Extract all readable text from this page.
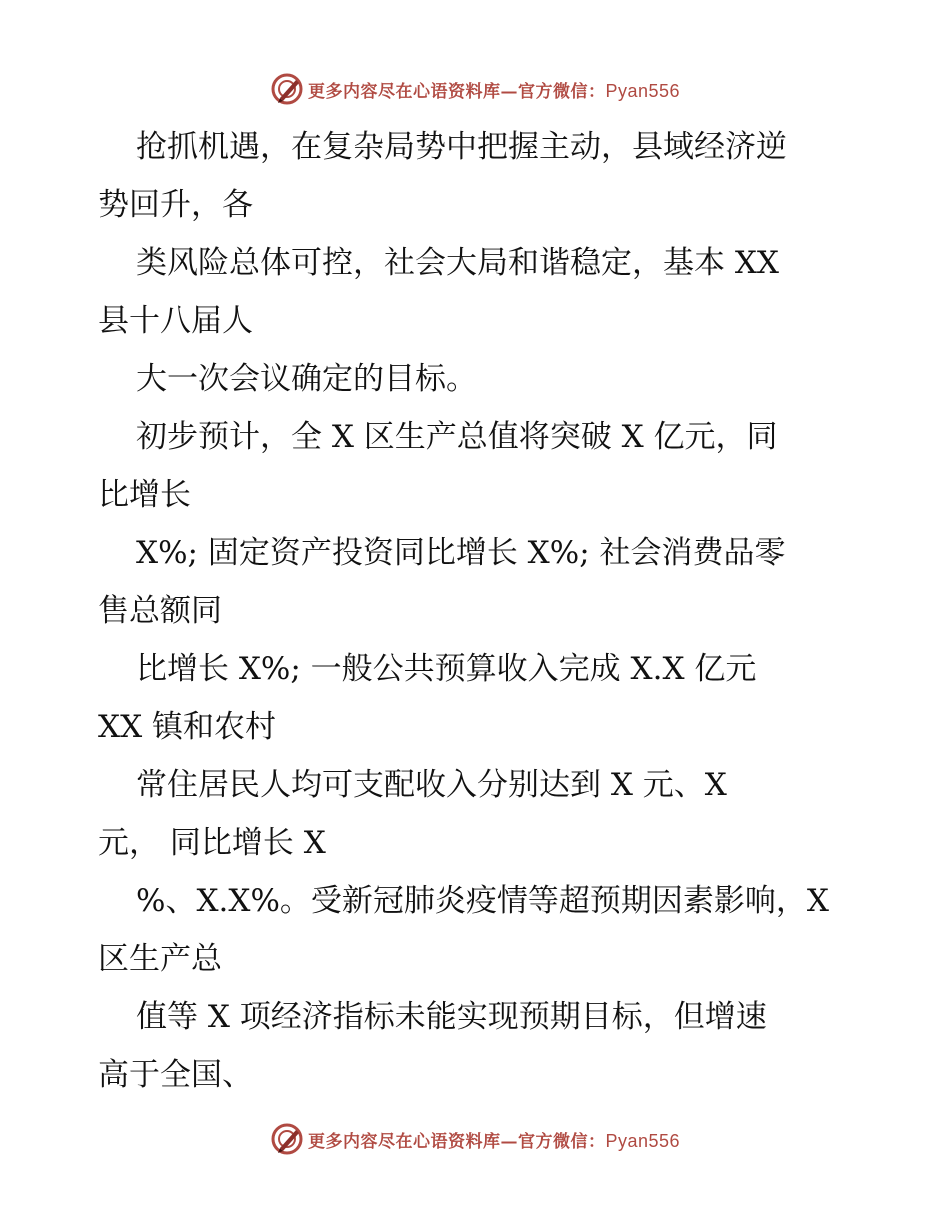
更多内容尽在心语资料库—官方微信：Pyan556
抢抓机遇，在复杂局势中把握主动，县域经济逆
势回升，各
类风险总体可控，社会大局和谐稳定，基本 XX
县十八届人
大一次会议确定的目标。
初步预计，全 X 区生产总值将突破 X 亿元，同
比增长
X%; 固定资产投资同比增长 X%; 社会消费品零
售总额同
比增长 X%; 一般公共预算收入完成 X.X 亿元
XX 镇和农村
常住居民人均可支配收入分别达到 X 元、X
元， 同比增长 X
%、X.X%。受新冠肺炎疫情等超预期因素影响，X
区生产总
值等 X 项经济指标未能实现预期目标，但增速
高于全国、
更多内容尽在心语资料库—官方微信：Pyan556
